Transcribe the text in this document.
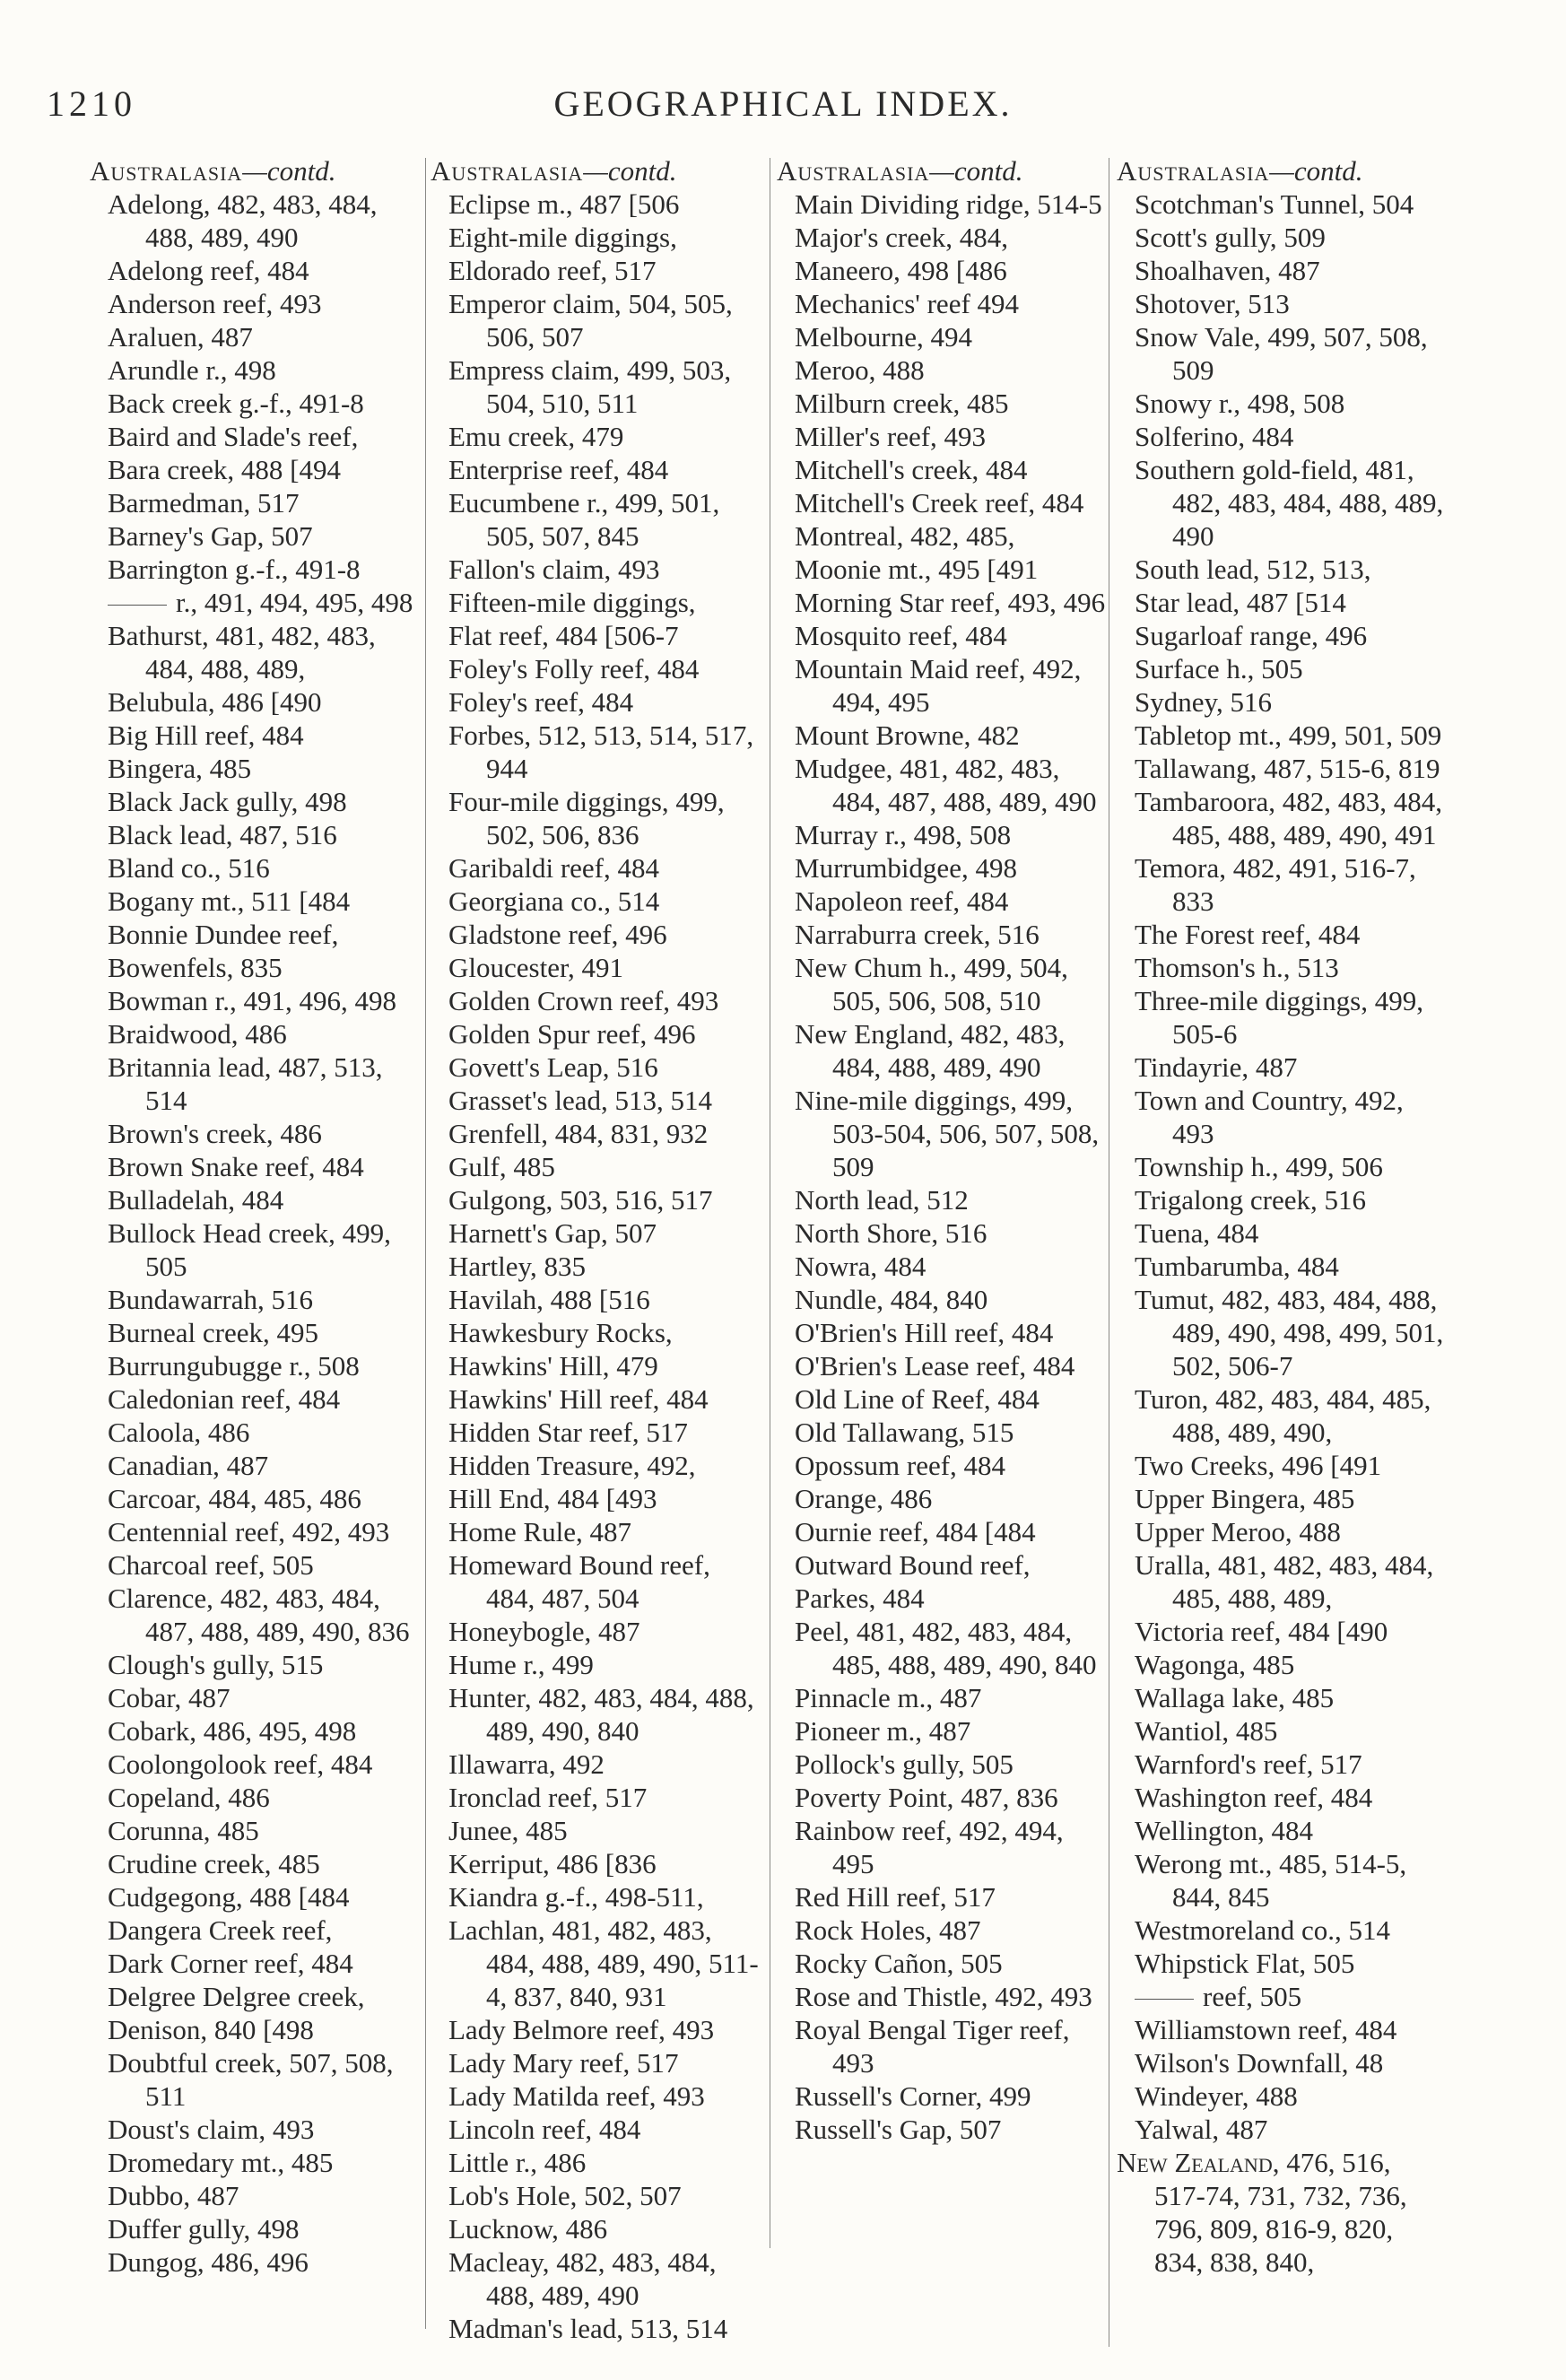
1210	GEOGRAPHICAL INDEX.
Australasia—contd.
Adelong, 482, 483, 484, 488, 489, 490
Adelong reef, 484
Anderson reef, 493
Araluen, 487
Arundle r., 498
Back creek g.-f., 491-8
Baird and Slade's reef,
Bara creek, 488 [494
Barmedman, 517
Barney's Gap, 507
Barrington g.-f., 491-8
r., 491, 494, 495, 498
Bathurst, 481, 482, 483, 484, 488, 489,
Belubula, 486 [490
Big Hill reef, 484
Bingera, 485
Black Jack gully, 498
Black lead, 487, 516
Bland co., 516
Bogany mt., 511 [484
Bonnie Dundee reef,
Bowenfels, 835
Bowman r., 491, 496, 498
Braidwood, 486
Britannia lead, 487, 513, 514
Brown's creek, 486
Brown Snake reef, 484
Bulladelah, 484
Bullock Head creek, 499, 505
Bundawarrah, 516
Burneal creek, 495
Burrungubugge r., 508
Caledonian reef, 484
Caloola, 486
Canadian, 487
Carcoar, 484, 485, 486
Centennial reef, 492, 493
Charcoal reef, 505
Clarence, 482, 483, 484, 487, 488, 489, 490, 836
Clough's gully, 515
Cobar, 487
Cobark, 486, 495, 498
Coolongolook reef, 484
Copeland, 486
Corunna, 485
Crudine creek, 485
Cudgegong, 488 [484
Dangera Creek reef,
Dark Corner reef, 484
Delgree Delgree creek,
Denison, 840 [498
Doubtful creek, 507, 508, 511
Doust's claim, 493
Dromedary mt., 485
Dubbo, 487
Duffer gully, 498
Dungog, 486, 496
Australasia—contd.
Eclipse m., 487 [506
Eight-mile diggings,
Eldorado reef, 517
Emperor claim, 504, 505, 506, 507
Empress claim, 499, 503, 504, 510, 511
Emu creek, 479
Enterprise reef, 484
Eucumbene r., 499, 501, 505, 507, 845
Fallon's claim, 493
Fifteen-mile diggings,
Flat reef, 484 [506-7
Foley's Folly reef, 484
Foley's reef, 484
Forbes, 512, 513, 514, 517, 944
Four-mile diggings, 499, 502, 506, 836
Garibaldi reef, 484
Georgiana co., 514
Gladstone reef, 496
Gloucester, 491
Golden Crown reef, 493
Golden Spur reef, 496
Govett's Leap, 516
Grasset's lead, 513, 514
Grenfell, 484, 831, 932
Gulf, 485
Gulgong, 503, 516, 517
Harnett's Gap, 507
Hartley, 835
Havilah, 488 [516
Hawkesbury Rocks,
Hawkins' Hill, 479
Hawkins' Hill reef, 484
Hidden Star reef, 517
Hidden Treasure, 492,
Hill End, 484 [493
Home Rule, 487
Homeward Bound reef, 484, 487, 504
Honeybogle, 487
Hume r., 499
Hunter, 482, 483, 484, 488, 489, 490, 840
Illawarra, 492
Ironclad reef, 517
Junee, 485
Kerriput, 486 [836
Kiandra g.-f., 498-511,
Lachlan, 481, 482, 483, 484, 488, 489, 490, 511-4, 837, 840, 931
Lady Belmore reef, 493
Lady Mary reef, 517
Lady Matilda reef, 493
Lincoln reef, 484
Little r., 486
Lob's Hole, 502, 507
Lucknow, 486
Macleay, 482, 483, 484, 488, 489, 490
Madman's lead, 513, 514
Australasia—contd.
Main Dividing ridge, 514-5
Major's creek, 484,
Maneero, 498 [486
Mechanics' reef 494
Melbourne, 494
Meroo, 488
Milburn creek, 485
Miller's reef, 493
Mitchell's creek, 484
Mitchell's Creek reef, 484
Montreal, 482, 485,
Moonie mt., 495 [491
Morning Star reef, 493, 496
Mosquito reef, 484
Mountain Maid reef, 492, 494, 495
Mount Browne, 482
Mudgee, 481, 482, 483, 484, 487, 488, 489, 490
Murray r., 498, 508
Murrumbidgee, 498
Napoleon reef, 484
Narraburra creek, 516
New Chum h., 499, 504, 505, 506, 508, 510
New England, 482, 483, 484, 488, 489, 490
Nine-mile diggings, 499, 503-504, 506, 507, 508, 509
North lead, 512
North Shore, 516
Nowra, 484
Nundle, 484, 840
O'Brien's Hill reef, 484
O'Brien's Lease reef, 484
Old Line of Reef, 484
Old Tallawang, 515
Opossum reef, 484
Orange, 486
Ournie reef, 484 [484
Outward Bound reef,
Parkes, 484
Peel, 481, 482, 483, 484, 485, 488, 489, 490, 840
Pinnacle m., 487
Pioneer m., 487
Pollock's gully, 505
Poverty Point, 487, 836
Rainbow reef, 492, 494, 495
Red Hill reef, 517
Rock Holes, 487
Rocky Cañon, 505
Rose and Thistle, 492, 493
Royal Bengal Tiger reef, 493
Russell's Corner, 499
Russell's Gap, 507
Australasia—contd.
Scotchman's Tunnel, 504
Scott's gully, 509
Shoalhaven, 487
Shotover, 513
Snow Vale, 499, 507, 508, 509
Snowy r., 498, 508
Solferino, 484
Southern gold-field, 481, 482, 483, 484, 488, 489, 490
South lead, 512, 513,
Star lead, 487 [514
Sugarloaf range, 496
Surface h., 505
Sydney, 516
Tabletop mt., 499, 501, 509
Tallawang, 487, 515-6, 819
Tambaroora, 482, 483, 484, 485, 488, 489, 490, 491
Temora, 482, 491, 516-7, 833
The Forest reef, 484
Thomson's h., 513
Three-mile diggings, 499, 505-6
Tindayrie, 487
Town and Country, 492, 493
Township h., 499, 506
Trigalong creek, 516
Tuena, 484
Tumbarumba, 484
Tumut, 482, 483, 484, 488, 489, 490, 498, 499, 501, 502, 506-7
Turon, 482, 483, 484, 485, 488, 489, 490,
Two Creeks, 496 [491
Upper Bingera, 485
Upper Meroo, 488
Uralla, 481, 482, 483, 484, 485, 488, 489,
Victoria reef, 484 [490
Wagonga, 485
Wallaga lake, 485
Wantiol, 485
Warnford's reef, 517
Washington reef, 484
Wellington, 484
Werong mt., 485, 514-5, 844, 845
Westmoreland co., 514
Whipstick Flat, 505
reef, 505
Williamstown reef, 484
Wilson's Downfall, 48
Windeyer, 488
Yalwal, 487
New Zealand, 476, 516, 517-74, 731, 732, 736, 796, 809, 816-9, 820, 834, 838, 840,
